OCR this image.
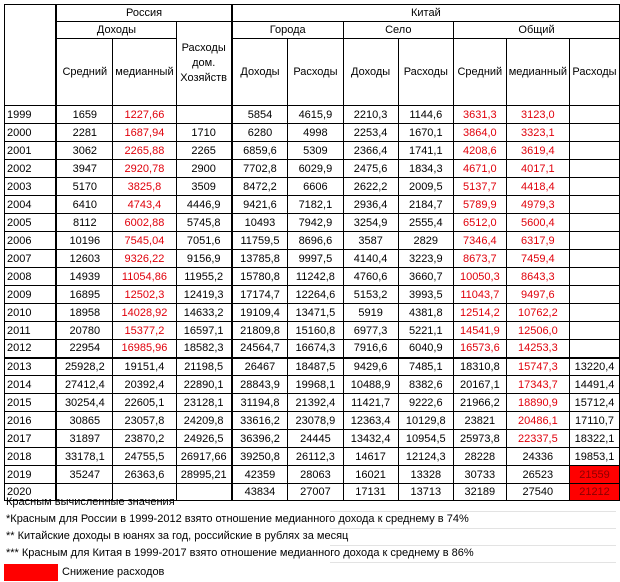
	Россия			Китай						
	Доходы		Расходы дом. Хозяйств	Города		Село		Общий		
	Средний	медианный		Доходы	Расходы	Доходы	Расходы	Средний	медианный	Расходы
1999	1659	1227,66		5854	4615,9	2210,3	1144,6	3631,3	3123,0	
2000	2281	1687,94	1710	6280	4998	2253,4	1670,1	3864,0	3323,1	
2001	3062	2265,88	2265	6859,6	5309	2366,4	1741,1	4208,6	3619,4	
2002	3947	2920,78	2900	7702,8	6029,9	2475,6	1834,3	4671,0	4017,1	
2003	5170	3825,8	3509	8472,2	6606	2622,2	2009,5	5137,7	4418,4	
2004	6410	4743,4	4446,9	9421,6	7182,1	2936,4	2184,7	5789,9	4979,3	
2005	8112	6002,88	5745,8	10493	7942,9	3254,9	2555,4	6512,0	5600,4	
2006	10196	7545,04	7051,6	11759,5	8696,6	3587	2829	7346,4	6317,9	
2007	12603	9326,22	9156,9	13785,8	9997,5	4140,4	3223,9	8673,7	7459,4	
2008	14939	11054,86	11955,2	15780,8	11242,8	4760,6	3660,7	10050,3	8643,3	
2009	16895	12502,3	12419,3	17174,7	12264,6	5153,2	3993,5	11043,7	9497,6	
2010	18958	14028,92	14633,2	19109,4	13471,5	5919	4381,8	12514,2	10762,2	
2011	20780	15377,2	16597,1	21809,8	15160,8	6977,3	5221,1	14541,9	12506,0	
2012	22954	16985,96	18582,3	24564,7	16674,3	7916,6	6040,9	16573,6	14253,3	
2013	25928,2	19151,4	21198,5	26467	18487,5	9429,6	7485,1	18310,8	15747,3	13220,4
2014	27412,4	20392,4	22890,1	28843,9	19968,1	10488,9	8382,6	20167,1	17343,7	14491,4
2015	30254,4	22605,1	23128,1	31194,8	21392,4	11421,7	9222,6	21966,2	18890,9	15712,4
2016	30865	23057,8	24209,8	33616,2	23078,9	12363,4	10129,8	23821	20486,1	17110,7
2017	31897	23870,2	24926,5	36396,2	24445	13432,4	10954,5	25973,8	22337,5	18322,1
2018	33178,1	24755,5	26917,66	39250,8	26112,3	14617	12124,3	28228	24336	19853,1
2019	35247	26363,6	28995,21	42359	28063	16021	13328	30733	26523	21559
2020				43834	27007	17131	13713	32189	27540	21212
Красным вычисленные значения
*Красным для России в 1999-2012 взято отношение медианного дохода к среднему в 74%
** Китайские доходы в юанях за год, российские в рублях за месяц
*** Красным для Китая в 1999-2017 взято отношение медианного дохода к среднему в 86%
Снижение расходов
